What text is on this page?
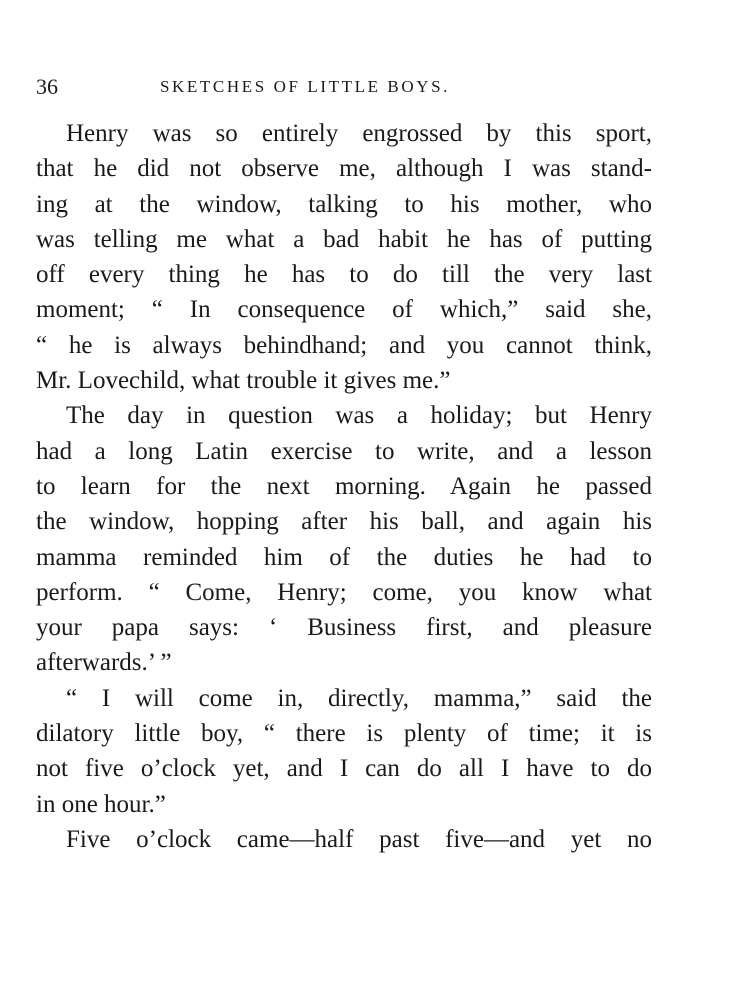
36	SKETCHES OF LITTLE BOYS.
Henry was so entirely engrossed by this sport,
that he did not observe me, although I was stand-
ing at the window, talking to his mother, who
was telling me what a bad habit he has of putting
off every thing he has to do till the very last
moment; “ In consequence of which,” said she,
“ he is always behindhand; and you cannot think,
Mr. Lovechild, what trouble it gives me.”
The day in question was a holiday; but Henry
had a long Latin exercise to write, and a lesson
to learn for the next morning. Again he passed
the window, hopping after his ball, and again his
mamma reminded him of the duties he had to
perform. “ Come, Henry; come, you know what
your papa says: ‘ Business first, and pleasure
afterwards.’ ”
“ I will come in, directly, mamma,” said the
dilatory little boy, “ there is plenty of time; it is
not five o’clock yet, and I can do all I have to do
in one hour.”
Five o’clock came—half past five—and yet no
